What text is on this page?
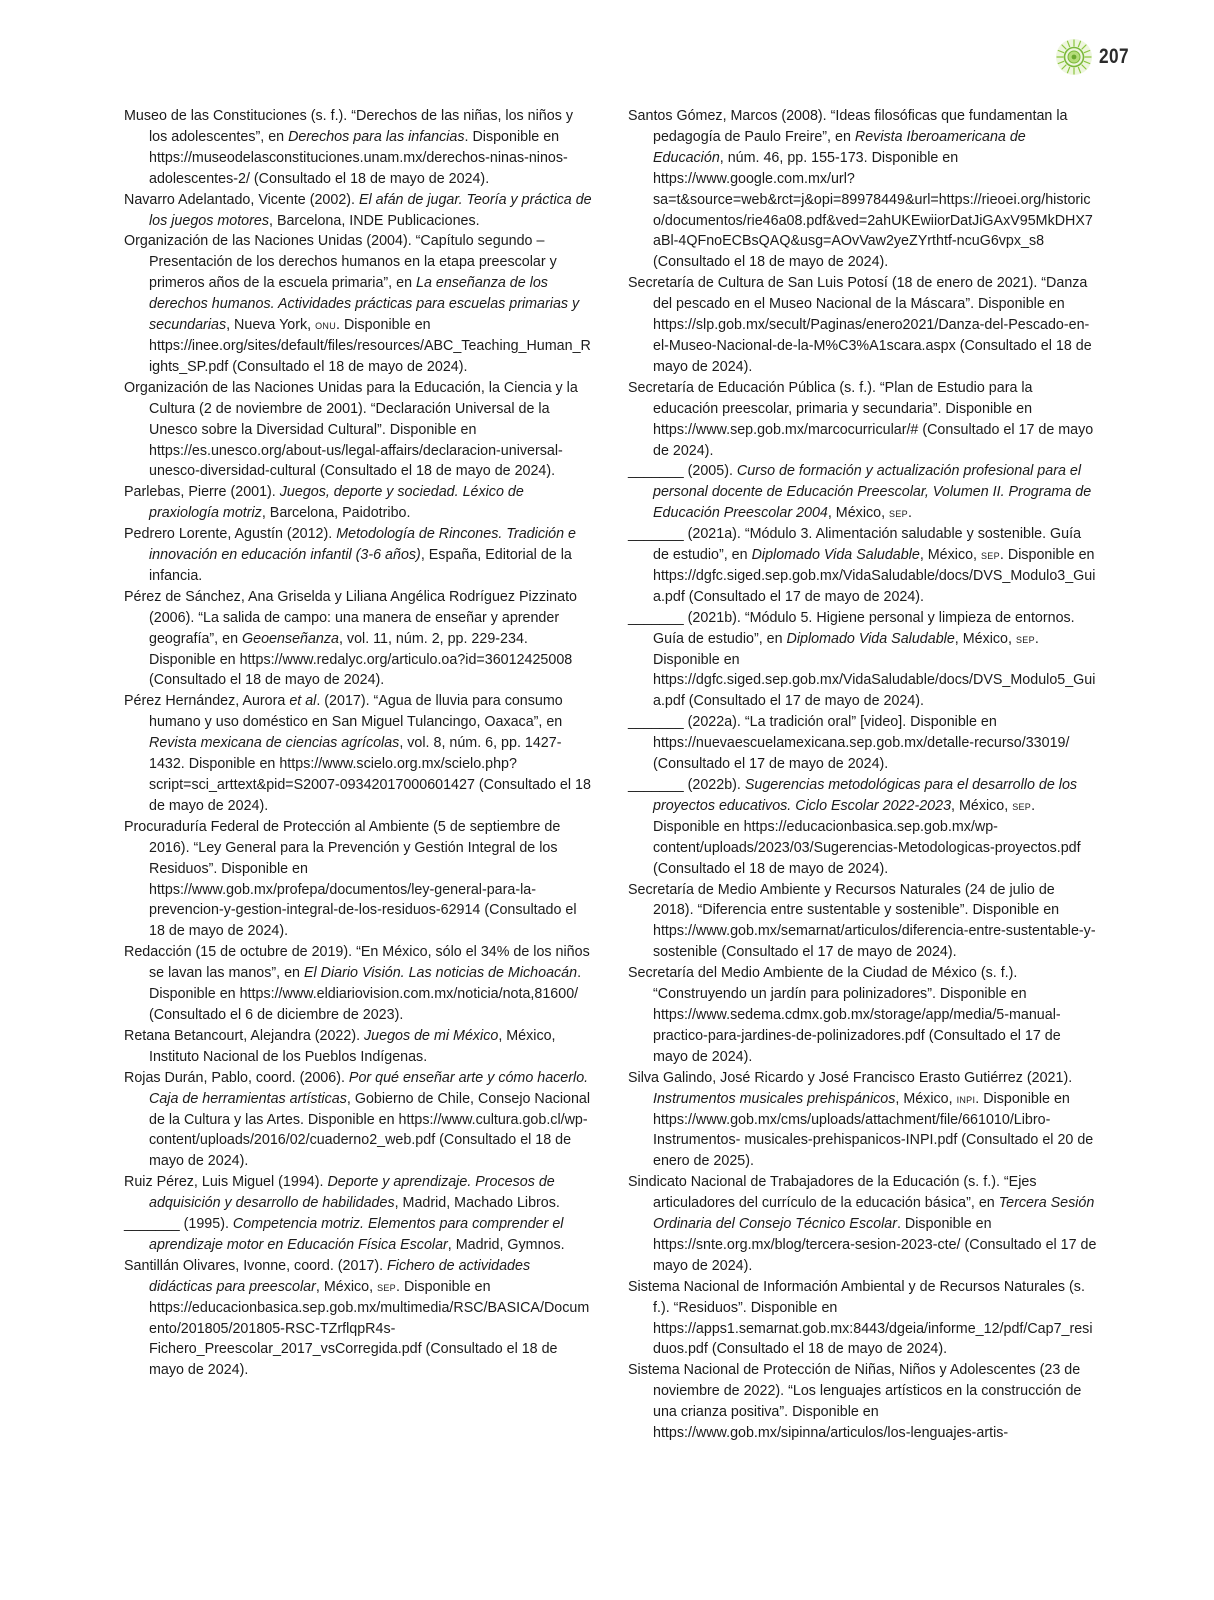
207

Museo de las Constituciones (s. f.). “Derechos de las niñas, los niños y los adolescentes”, en Derechos para las infancias. Disponible en https://museodelasconstituciones.unam.mx/derechos-ninas-ninos-adolescentes-2/ (Consultado el 18 de mayo de 2024).

Navarro Adelantado, Vicente (2002). El afán de jugar. Teoría y práctica de los juegos motores, Barcelona, INDE Publicaciones.

Organización de las Naciones Unidas (2004). “Capítulo segundo – Presentación de los derechos humanos en la etapa preescolar y primeros años de la escuela primaria”, en La enseñanza de los derechos humanos. Actividades prácticas para escuelas primarias y secundarias, Nueva York, onu. Disponible en https://inee.org/sites/default/files/resources/ABC_Teaching_Human_Rights_SP.pdf (Consultado el 18 de mayo de 2024).

Organización de las Naciones Unidas para la Educación, la Ciencia y la Cultura (2 de noviembre de 2001). “Declaración Universal de la Unesco sobre la Diversidad Cultural”. Disponible en https://es.unesco.org/about-us/legal-affairs/declaracion-universal-unesco-diversidad-cultural (Consultado el 18 de mayo de 2024).

Parlebas, Pierre (2001). Juegos, deporte y sociedad. Léxico de praxiología motriz, Barcelona, Paidotribo.

Pedrero Lorente, Agustín (2012). Metodología de Rincones. Tradición e innovación en educación infantil (3-6 años), España, Editorial de la infancia.

Pérez de Sánchez, Ana Griselda y Liliana Angélica Rodríguez Pizzinato (2006). “La salida de campo: una manera de enseñar y aprender geografía”, en Geoenseñanza, vol. 11, núm. 2, pp. 229-234. Disponible en https://www.redalyc.org/articulo.oa?id=36012425008 (Consultado el 18 de mayo de 2024).

Pérez Hernández, Aurora et al. (2017). “Agua de lluvia para consumo humano y uso doméstico en San Miguel Tulancingo, Oaxaca”, en Revista mexicana de ciencias agrícolas, vol. 8, núm. 6, pp. 1427-1432. Disponible en https://www.scielo.org.mx/scielo.php?script=sci_arttext&pid=S2007-09342017000601427 (Consultado el 18 de mayo de 2024).

Procuraduría Federal de Protección al Ambiente (5 de septiembre de 2016). “Ley General para la Prevención y Gestión Integral de los Residuos”. Disponible en https://www.gob.mx/profepa/documentos/ley-general-para-la-prevencion-y-gestion-integral-de-los-residuos-62914 (Consultado el 18 de mayo de 2024).

Redacción (15 de octubre de 2019). “En México, sólo el 34% de los niños se lavan las manos”, en El Diario Visión. Las noticias de Michoacán. Disponible en https://www.eldiariovision.com.mx/noticia/nota,81600/ (Consultado el 6 de diciembre de 2023).

Retana Betancourt, Alejandra (2022). Juegos de mi México, México, Instituto Nacional de los Pueblos Indígenas.

Rojas Durán, Pablo, coord. (2006). Por qué enseñar arte y cómo hacerlo. Caja de herramientas artísticas, Gobierno de Chile, Consejo Nacional de la Cultura y las Artes. Disponible en https://www.cultura.gob.cl/wp-content/uploads/2016/02/cuaderno2_web.pdf (Consultado el 18 de mayo de 2024).

Ruiz Pérez, Luis Miguel (1994). Deporte y aprendizaje. Procesos de adquisición y desarrollo de habilidades, Madrid, Machado Libros.

_______ (1995). Competencia motriz. Elementos para comprender el aprendizaje motor en Educación Física Escolar, Madrid, Gymnos.

Santillán Olivares, Ivonne, coord. (2017). Fichero de actividades didácticas para preescolar, México, sep. Disponible en https://educacionbasica.sep.gob.mx/multimedia/RSC/BASICA/Documento/201805/201805-RSC-TZrflqpR4s-Fichero_Preescolar_2017_vsCorregida.pdf (Consultado el 18 de mayo de 2024).

Santos Gómez, Marcos (2008). “Ideas filosóficas que fundamentan la pedagogía de Paulo Freire”, en Revista Iberoamericana de Educación, núm. 46, pp. 155-173. Disponible en https://www.google.com.mx/url?sa=t&source=web&rct=j&opi=89978449&url=https://rieoei.org/historico/documentos/rie46a08.pdf&ved=2ahUKEwiiorDatJiGAxV95MkDHX7aBl-4QFnoECBsQAQ&usg=AOvVaw2yeZYrthtf-ncuG6vpx_s8 (Consultado el 18 de mayo de 2024).

Secretaría de Cultura de San Luis Potosí (18 de enero de 2021). “Danza del pescado en el Museo Nacional de la Máscara”. Disponible en https://slp.gob.mx/secult/Paginas/enero2021/Danza-del-Pescado-en-el-Museo-Nacional-de-la-M%C3%A1scara.aspx (Consultado el 18 de mayo de 2024).

Secretaría de Educación Pública (s. f.). “Plan de Estudio para la educación preescolar, primaria y secundaria”. Disponible en https://www.sep.gob.mx/marcocurricular/# (Consultado el 17 de mayo de 2024).

_______ (2005). Curso de formación y actualización profesional para el personal docente de Educación Preescolar, Volumen II. Programa de Educación Preescolar 2004, México, sep.

_______ (2021a). “Módulo 3. Alimentación saludable y sostenible. Guía de estudio”, en Diplomado Vida Saludable, México, sep. Disponible en https://dgfc.siged.sep.gob.mx/VidaSaludable/docs/DVS_Modulo3_Guia.pdf (Consultado el 17 de mayo de 2024).

_______ (2021b). “Módulo 5. Higiene personal y limpieza de entornos. Guía de estudio”, en Diplomado Vida Saludable, México, sep. Disponible en https://dgfc.siged.sep.gob.mx/VidaSaludable/docs/DVS_Modulo5_Guia.pdf (Consultado el 17 de mayo de 2024).

_______ (2022a). “La tradición oral” [video]. Disponible en https://nuevaescuelamexicana.sep.gob.mx/detalle-recurso/33019/ (Consultado el 17 de mayo de 2024).

_______ (2022b). Sugerencias metodológicas para el desarrollo de los proyectos educativos. Ciclo Escolar 2022-2023, México, sep. Disponible en https://educacionbasica.sep.gob.mx/wp-content/uploads/2023/03/Sugerencias-Metodologicas-proyectos.pdf (Consultado el 18 de mayo de 2024).

Secretaría de Medio Ambiente y Recursos Naturales (24 de julio de 2018). “Diferencia entre sustentable y sostenible”. Disponible en https://www.gob.mx/semarnat/articulos/diferencia-entre-sustentable-y-sostenible (Consultado el 17 de mayo de 2024).

Secretaría del Medio Ambiente de la Ciudad de México (s. f.). “Construyendo un jardín para polinizadores”. Disponible en https://www.sedema.cdmx.gob.mx/storage/app/media/5-manual-practico-para-jardines-de-polinizadores.pdf (Consultado el 17 de mayo de 2024).

Silva Galindo, José Ricardo y José Francisco Erasto Gutiérrez (2021). Instrumentos musicales prehispánicos, México, inpi. Disponible en https://www.gob.mx/cms/uploads/attachment/file/661010/Libro-Instrumentos- musicales-prehispanicos-INPI.pdf (Consultado el 20 de enero de 2025).

Sindicato Nacional de Trabajadores de la Educación (s. f.). “Ejes articuladores del currículo de la educación básica”, en Tercera Sesión Ordinaria del Consejo Técnico Escolar. Disponible en https://snte.org.mx/blog/tercera-sesion-2023-cte/ (Consultado el 17 de mayo de 2024).

Sistema Nacional de Información Ambiental y de Recursos Naturales (s. f.). “Residuos”. Disponible en https://apps1.semarnat.gob.mx:8443/dgeia/informe_12/pdf/Cap7_residuos.pdf (Consultado el 18 de mayo de 2024).

Sistema Nacional de Protección de Niñas, Niños y Adolescentes (23 de noviembre de 2022). “Los lenguajes artísticos en la construcción de una crianza positiva”. Disponible en https://www.gob.mx/sipinna/articulos/los-lenguajes-artis-
